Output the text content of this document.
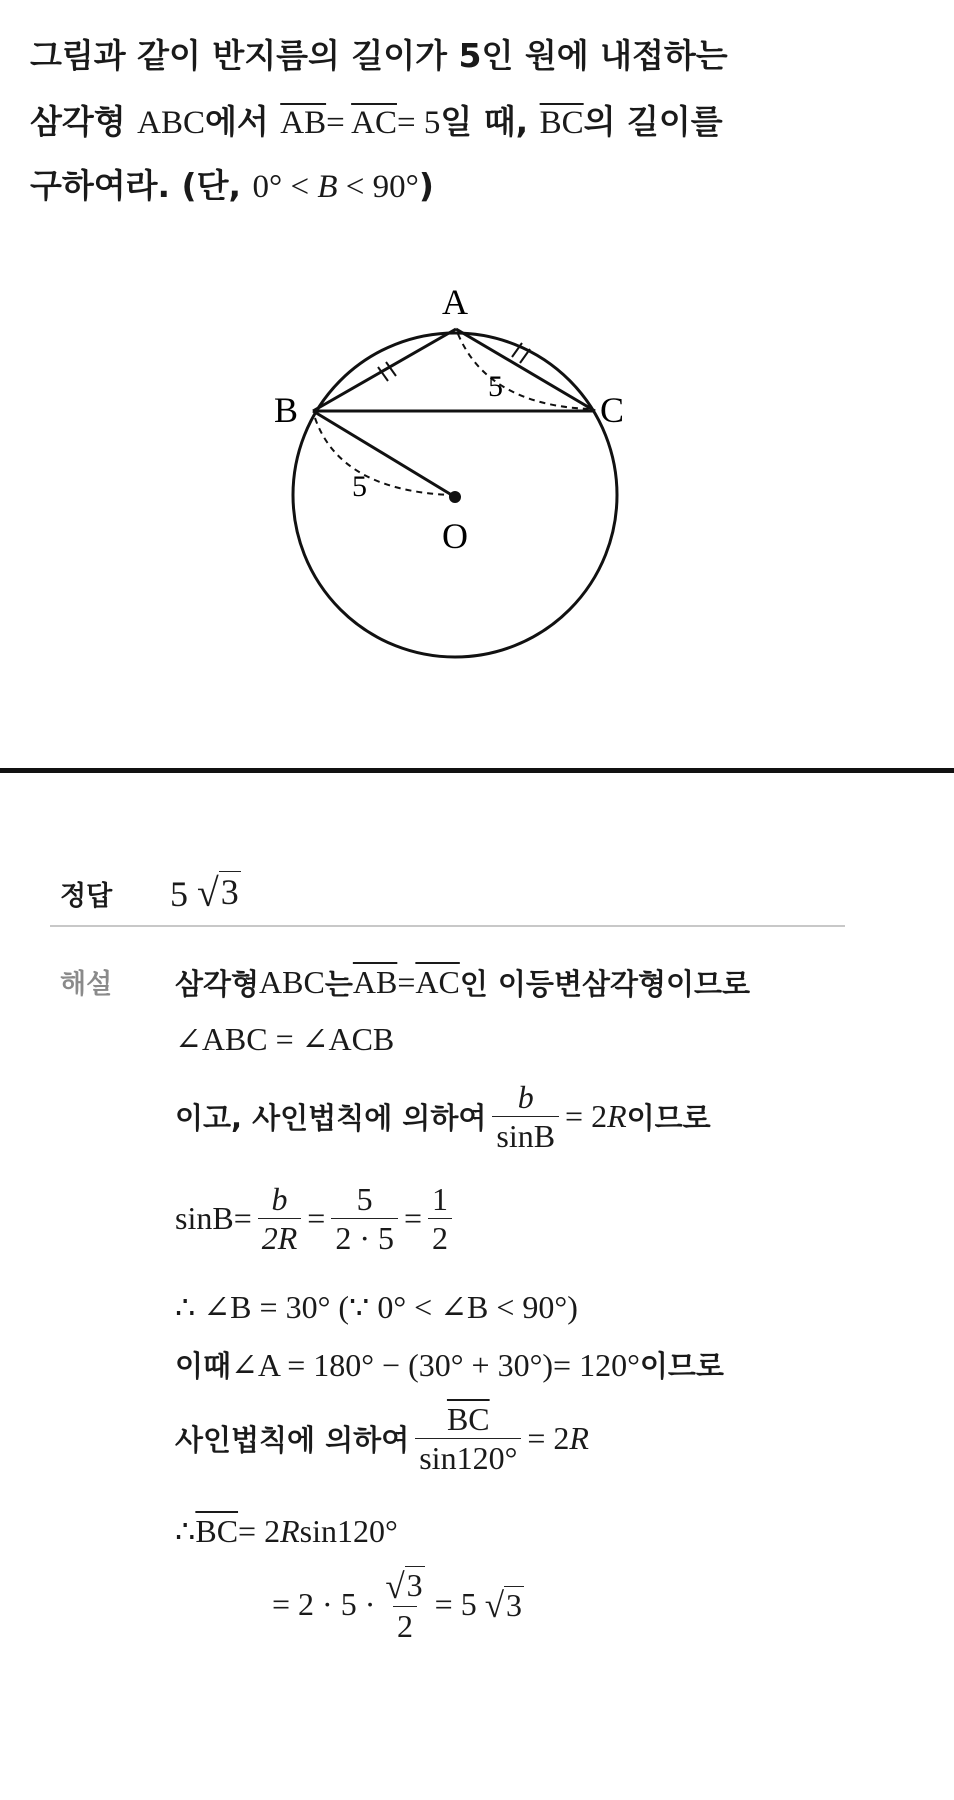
그림과 같이 반지름의 길이가 5인 원에 내접하는
삼각형 ABC에서 $\overline{AB}= \overline{AC}= 5$일 때, $\overline{BC}$의 길이를
구하여라. (단, 0° < B < 90°)
A
B	C
O
5
5
정답	5 √ 3
해설 삼각형 ABC 는 $\overline{AB} = \overline{AC}$ 인 이등변삼각형이므로
∠ABC = ∠ACB
이고, 사인법칙에 의하여 $\frac{b}{\sin B} = 2$ R 이므로
$\sin B= \frac{b}{2R} = \frac{5}{2 \cdot 5} = \frac{1}{2}$
∴ ∠B = 30° (∵ 0° < ∠B < 90°)
이때 ∠A = 180° − (30° + 30°)= 120° 이므로
사인법칙에 의하여 $\frac{\overline{BC}}{\sin 120^\circ} = 2$ R
∴ $\overline{BC} = 2$ R sin120°
= $2 \cdot 5 \cdot \frac{√ 3}{2} = 5$ √ 3
